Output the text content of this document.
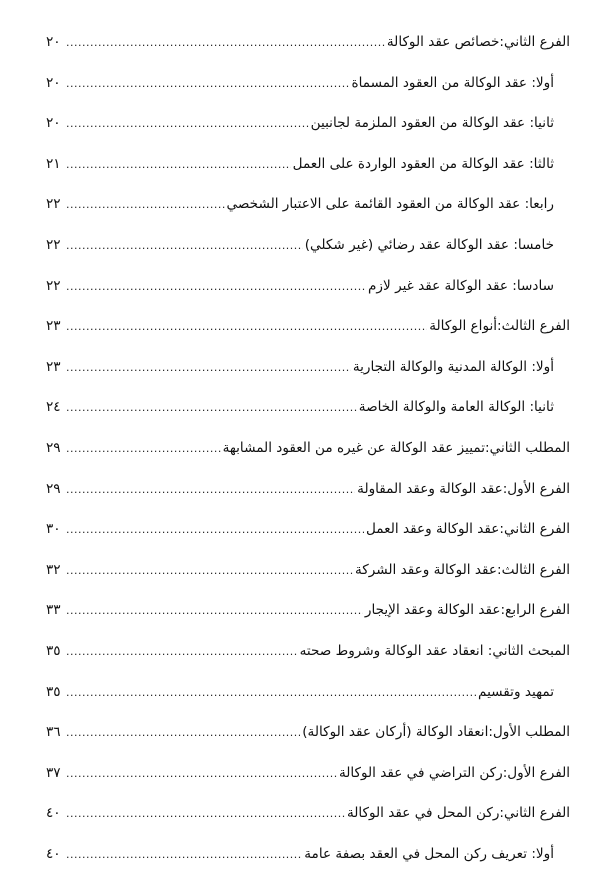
الفرع الثاني:خصائص عقد الوكالة
.....
٢٠
أولا: عقد الوكالة من العقود المسماة
.....
٢٠
ثانيا: عقد الوكالة من العقود الملزمة لجانبين
.....
٢٠
ثالثا: عقد الوكالة من العقود الواردة على العمل
.....
٢١
رابعا: عقد الوكالة من العقود القائمة على الاعتبار الشخصي
.....
٢٢
خامسا: عقد الوكالة عقد رضائي (غير شكلي)
.....
٢٢
سادسا: عقد الوكالة عقد غير لازم
.....
٢٢
الفرع الثالث:أنواع الوكالة
.....
٢٣
أولا: الوكالة المدنية والوكالة التجارية
.....
٢٣
ثانيا: الوكالة العامة والوكالة الخاصة
.....
٢٤
المطلب الثاني:تمييز عقد الوكالة عن غيره من العقود المشابهة
.....
٢٩
الفرع الأول:عقد الوكالة وعقد المقاولة
.....
٢٩
الفرع الثاني:عقد الوكالة وعقد العمل
.....
٣٠
الفرع الثالث:عقد الوكالة وعقد الشركة
.....
٣٢
الفرع الرابع:عقد الوكالة وعقد الإيجار
.....
٣٣
المبحث الثاني: انعقاد عقد الوكالة وشروط صحته
.....
٣٥
تمهيد وتقسيم
.....
٣٥
المطلب الأول:انعقاد الوكالة (أركان عقد الوكالة)
.....
٣٦
الفرع الأول:ركن التراضي في عقد الوكالة
.....
٣٧
الفرع الثاني:ركن المحل في عقد الوكالة
.....
٤٠
أولا: تعريف ركن المحل في العقد بصفة عامة
.....
٤٠
